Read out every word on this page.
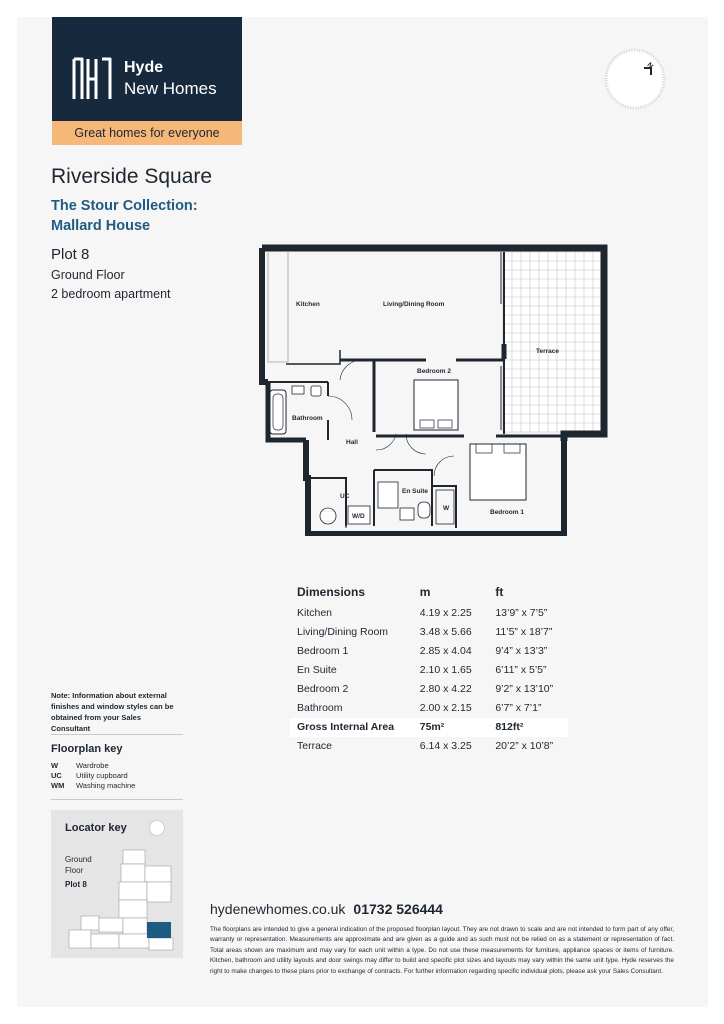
Hyde
New Homes
Great homes for everyone
N
Riverside Square
The Stour Collection:
Mallard House
Plot 8
Ground Floor
2 bedroom apartment
Kitchen	Living/Dining Room
Terrace
Bedroom 2
Bathroom
Hall
UC
En Suite
W/D
W
Bedroom 1
Dimensions	m	ft
Kitchen	4.19 x 2.25	13’9” x 7’5”
Living/Dining Room	3.48 x 5.66	11’5” x 18’7”
Bedroom 1	2.85 x 4.04	9’4” x 13’3”
En Suite	2.10 x 1.65	6’11” x 5’5”
Bedroom 2	2.80 x 4.22	9’2” x 13’10”
Bathroom	2.00 x 2.15	6’7” x 7’1”
Gross Internal Area	75m²	812ft²
Terrace	6.14 x 3.25	20’2” x 10’8”
Note: Information about external finishes and window styles can be obtained from your Sales Consultant
Floorplan key
W Wardrobe
UC Utility cupboard
WM Washing machine
Locator key
Ground
Floor
Plot 8
hydenewhomes.co.uk 01732 526444
The floorplans are intended to give a general indication of the proposed floorplan layout. They are not drawn to scale and are not intended to form part of any offer, warranty or representation. Measurements are approximate and are given as a guide and as such must not be relied on as a statement or representation of fact. Total areas shown are maximum and may vary for each unit within a type. Do not use these measurements for furniture, appliance spaces or items of furniture. Kitchen, bathroom and utility layouts and door swings may differ to build and specific plot sizes and layouts may vary within the same unit type. Hyde reserves the right to make changes to these plans prior to exchange of contracts. For further information regarding specific individual plots, please ask your Sales Consultant.
